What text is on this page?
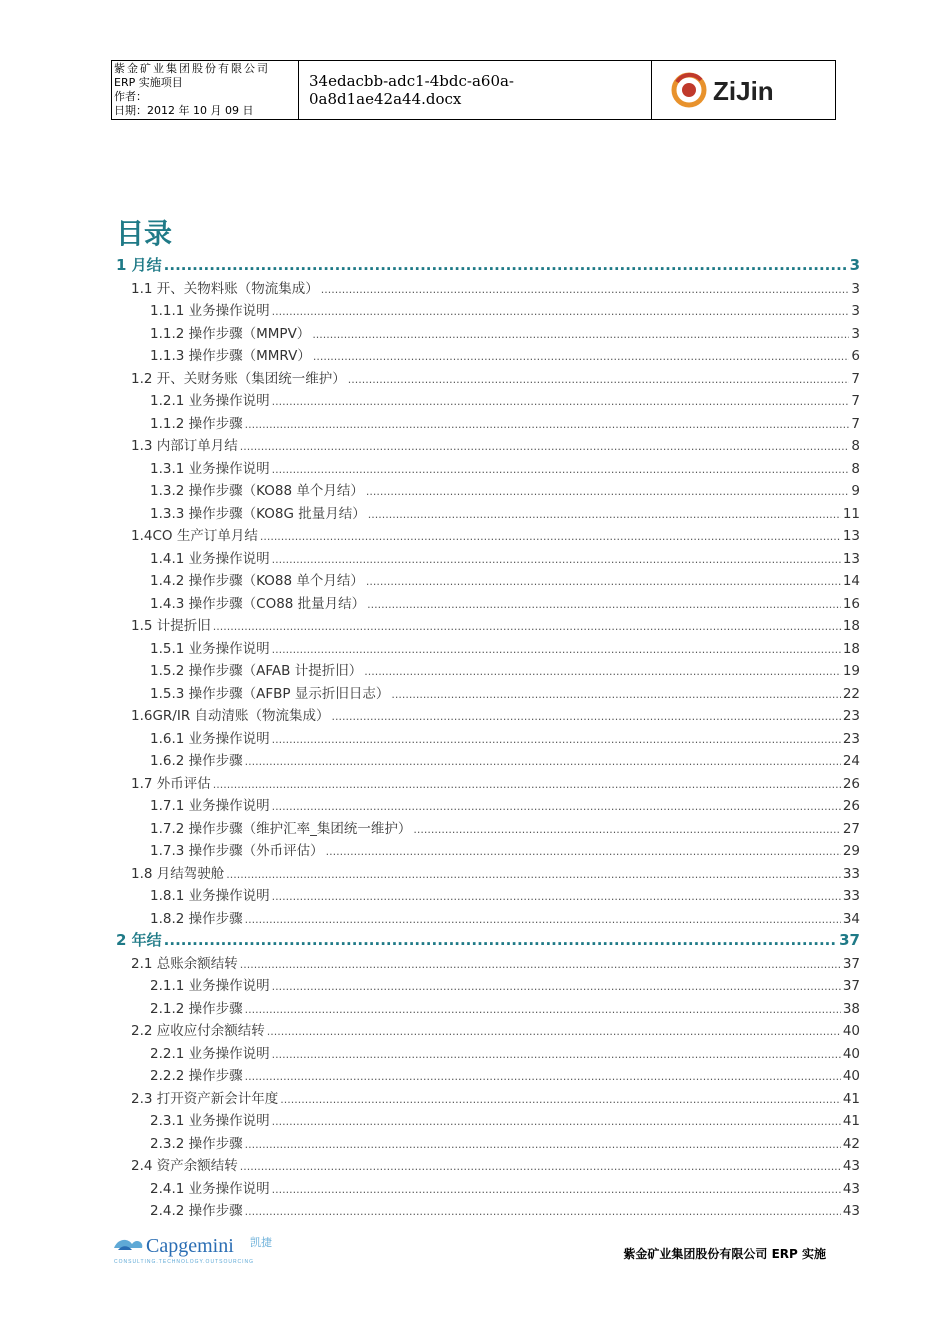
紫金矿业集团股份有限公司
ERP 实施项目
作者：
日期：2012 年 10 月 09 日
34edacbb-adc1-4bdc-a60a-0a8d1ae42a44.docx	ZiJin
目录
1 月结 .....	3
1.1 开、关物料账（物流集成） .....	3
1.1.1 业务操作说明 .....	3
1.1.2 操作步骤（MMPV） .....	3
1.1.3 操作步骤（MMRV） .....	6
1.2 开、关财务账（集团统一维护） .....	7
1.2.1 业务操作说明 .....	7
1.1.2 操作步骤 .....	7
1.3 内部订单月结 .....	8
1.3.1 业务操作说明 .....	8
1.3.2 操作步骤（KO88 单个月结） .....	9
1.3.3 操作步骤（KO8G 批量月结） .....	11
1.4CO 生产订单月结 .....	13
1.4.1 业务操作说明 .....	13
1.4.2 操作步骤（KO88 单个月结） .....	14
1.4.3 操作步骤（CO88 批量月结） .....	16
1.5 计提折旧 .....	18
1.5.1 业务操作说明 .....	18
1.5.2 操作步骤（AFAB 计提折旧） .....	19
1.5.3 操作步骤（AFBP 显示折旧日志） .....	22
1.6GR/IR 自动清账（物流集成） .....	23
1.6.1 业务操作说明 .....	23
1.6.2 操作步骤 .....	24
1.7 外币评估 .....	26
1.7.1 业务操作说明 .....	26
1.7.2 操作步骤（维护汇率_集团统一维护） .....	27
1.7.3 操作步骤（外币评估） .....	29
1.8 月结驾驶舱 .....	33
1.8.1 业务操作说明 .....	33
1.8.2 操作步骤 .....	34
2 年结 .....	37
2.1 总账余额结转 .....	37
2.1.1 业务操作说明 .....	37
2.1.2 操作步骤 .....	38
2.2 应收应付余额结转 .....	40
2.2.1 业务操作说明 .....	40
2.2.2 操作步骤 .....	40
2.3 打开资产新会计年度 .....	41
2.3.1 业务操作说明 .....	41
2.3.2 操作步骤 .....	42
2.4 资产余额结转 .....	43
2.4.1 业务操作说明 .....	43
2.4.2 操作步骤 .....	43
Capgemini
CONSULTING.TECHNOLOGY.OUTSOURCING
凯捷
紫金矿业集团股份有限公司 ERP 实施
